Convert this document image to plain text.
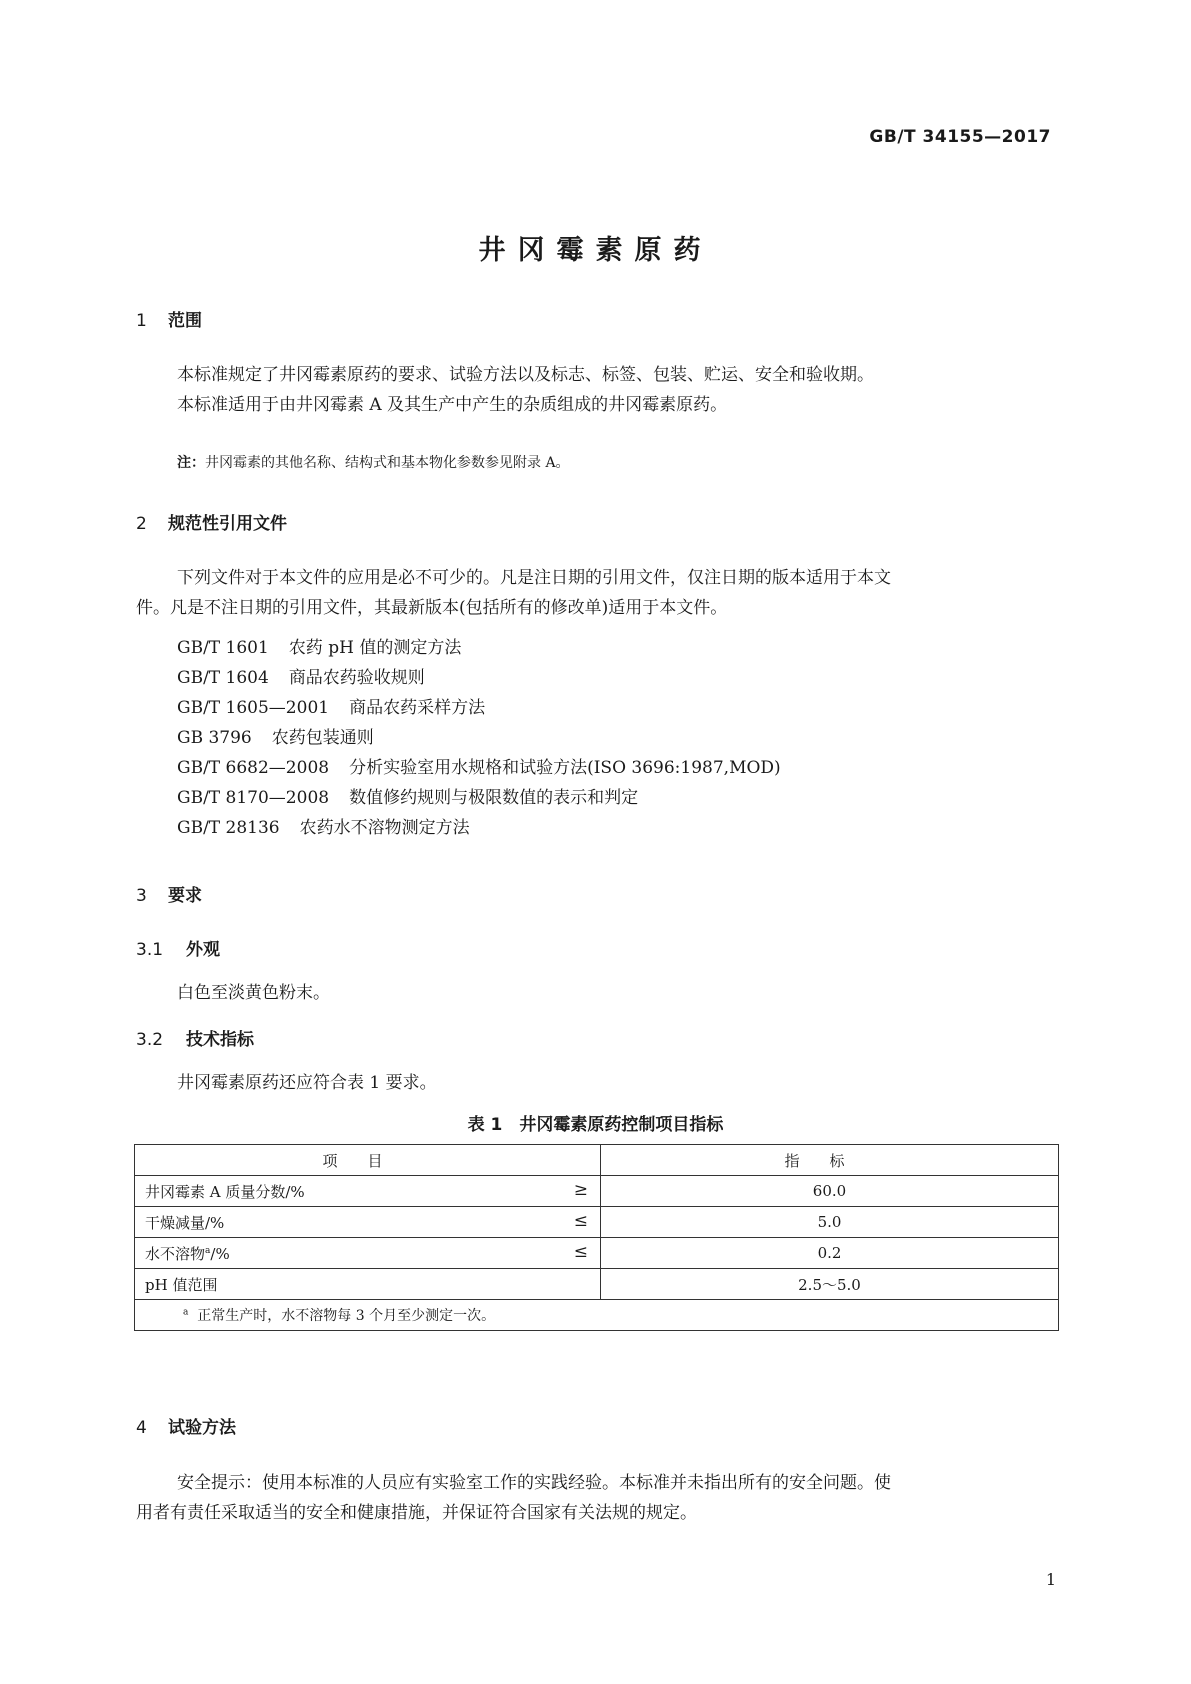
GB/T 34155—2017
井冈霉素原药
1 范围
本标准规定了井冈霉素原药的要求、试验方法以及标志、标签、包装、贮运、安全和验收期。
本标准适用于由井冈霉素 A 及其生产中产生的杂质组成的井冈霉素原药。
注：井冈霉素的其他名称、结构式和基本物化参数参见附录 A。
2 规范性引用文件
下列文件对于本文件的应用是必不可少的。凡是注日期的引用文件，仅注日期的版本适用于本文
件。凡是不注日期的引用文件，其最新版本(包括所有的修改单)适用于本文件。
GB/T 1601 农药 pH 值的测定方法
GB/T 1604 商品农药验收规则
GB/T 1605—2001 商品农药采样方法
GB 3796 农药包装通则
GB/T 6682—2008 分析实验室用水规格和试验方法(ISO 3696:1987,MOD)
GB/T 8170—2008 数值修约规则与极限数值的表示和判定
GB/T 28136 农药水不溶物测定方法
3 要求
3.1 外观
白色至淡黄色粉末。
3.2 技术指标
井冈霉素原药还应符合表 1 要求。
表 1　井冈霉素原药控制项目指标
项目	指标
井冈霉素 A 质量分数/% ≥	60.0
干燥减量/% ≤	5.0
水不溶物$^a$/% ≤	0.2
pH 值范围	2.5～5.0
$^a$ 正常生产时，水不溶物每 3 个月至少测定一次。	
4 试验方法
安全提示：使用本标准的人员应有实验室工作的实践经验。本标准并未指出所有的安全问题。使
用者有责任采取适当的安全和健康措施，并保证符合国家有关法规的规定。
1
